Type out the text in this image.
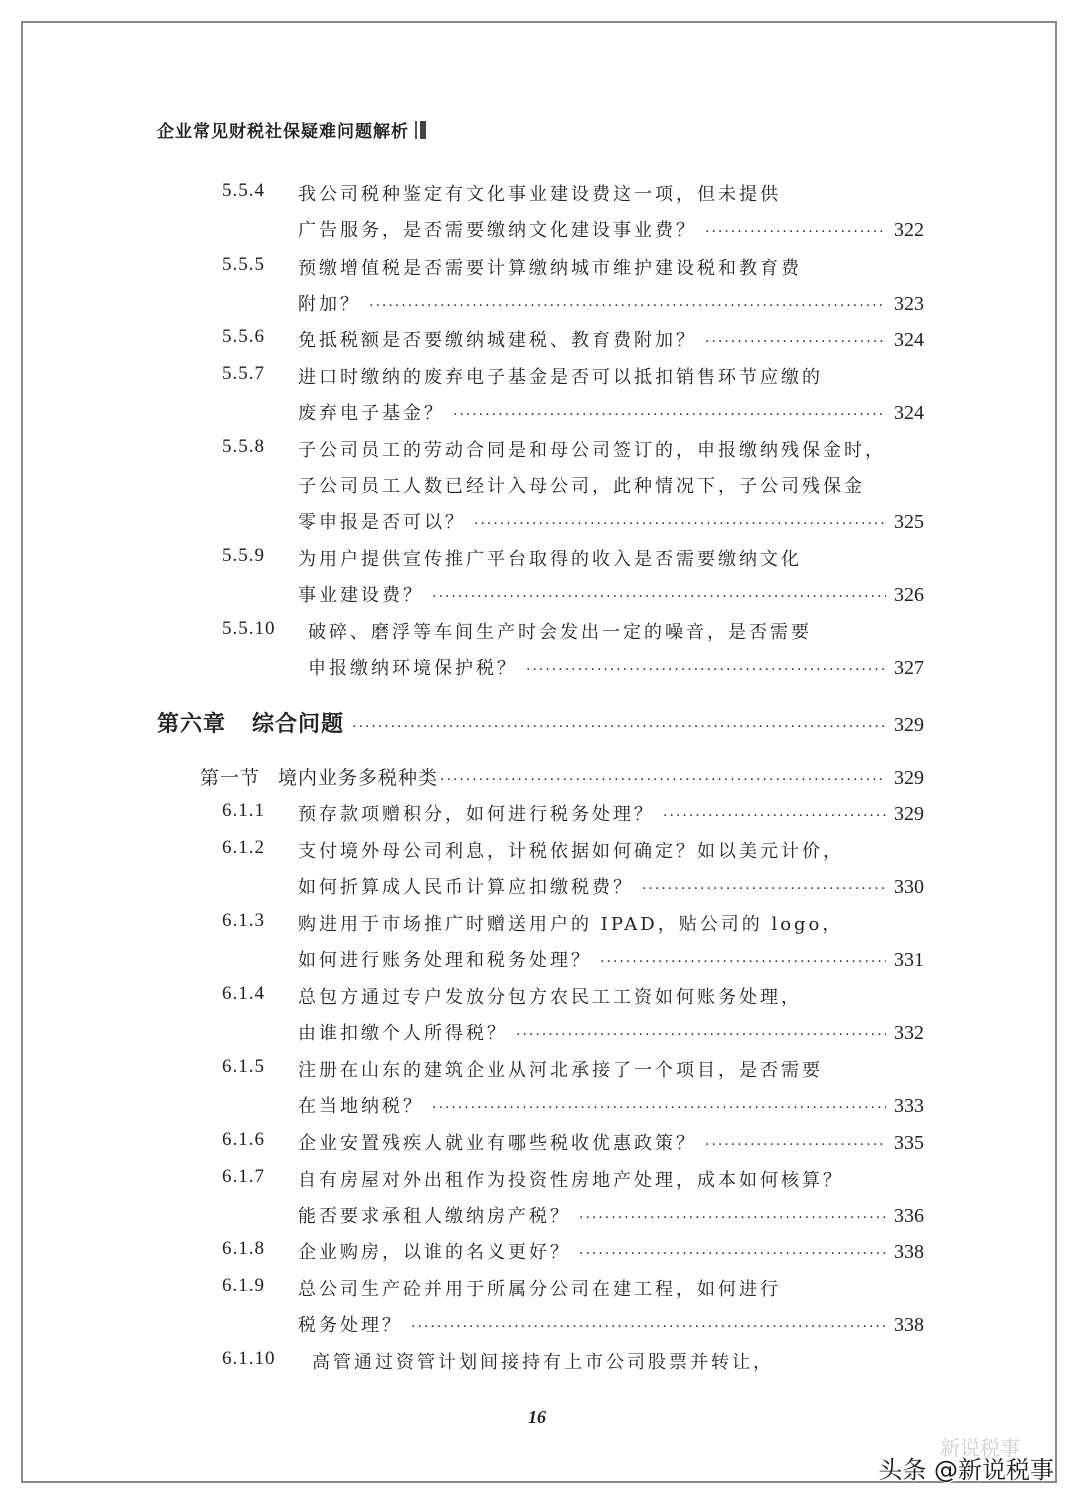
企业常见财税社保疑难问题解析
5.5.4 我公司税种鉴定有文化事业建设费这一项，但未提供
广告服务，是否需要缴纳文化建设事业费？ ·····	322
5.5.5 预缴增值税是否需要计算缴纳城市维护建设税和教育费
附加？ ·····	323
5.5.6 免抵税额是否要缴纳城建税、教育费附加？ ·····	324
5.5.7 进口时缴纳的废弃电子基金是否可以抵扣销售环节应缴的
废弃电子基金？ ·····	324
5.5.8 子公司员工的劳动合同是和母公司签订的，申报缴纳残保金时，
子公司员工人数已经计入母公司，此种情况下，子公司残保金
零申报是否可以？ ·····	325
5.5.9 为用户提供宣传推广平台取得的收入是否需要缴纳文化
事业建设费？ ·····	326
5.5.10 破碎、磨浮等车间生产时会发出一定的噪音，是否需要
申报缴纳环境保护税？ ·····	327
第六章 综合问题 ·····	329
第一节 境内业务多税种类 ·····	329
6.1.1 预存款项赠积分，如何进行税务处理？ ·····	329
6.1.2 支付境外母公司利息，计税依据如何确定？如以美元计价，
如何折算成人民币计算应扣缴税费？ ·····	330
6.1.3 购进用于市场推广时赠送用户的 IPAD，贴公司的 logo，
如何进行账务处理和税务处理？ ·····	331
6.1.4 总包方通过专户发放分包方农民工工资如何账务处理，
由谁扣缴个人所得税？ ·····	332
6.1.5 注册在山东的建筑企业从河北承接了一个项目，是否需要
在当地纳税？ ·····	333
6.1.6 企业安置残疾人就业有哪些税收优惠政策？ ·····	335
6.1.7 自有房屋对外出租作为投资性房地产处理，成本如何核算？
能否要求承租人缴纳房产税？ ·····	336
6.1.8 企业购房，以谁的名义更好？ ·····	338
6.1.9 总公司生产砼并用于所属分公司在建工程，如何进行
税务处理？ ·····	338
6.1.10 高管通过资管计划间接持有上市公司股票并转让，
16
新说税事
头条 @新说税事
